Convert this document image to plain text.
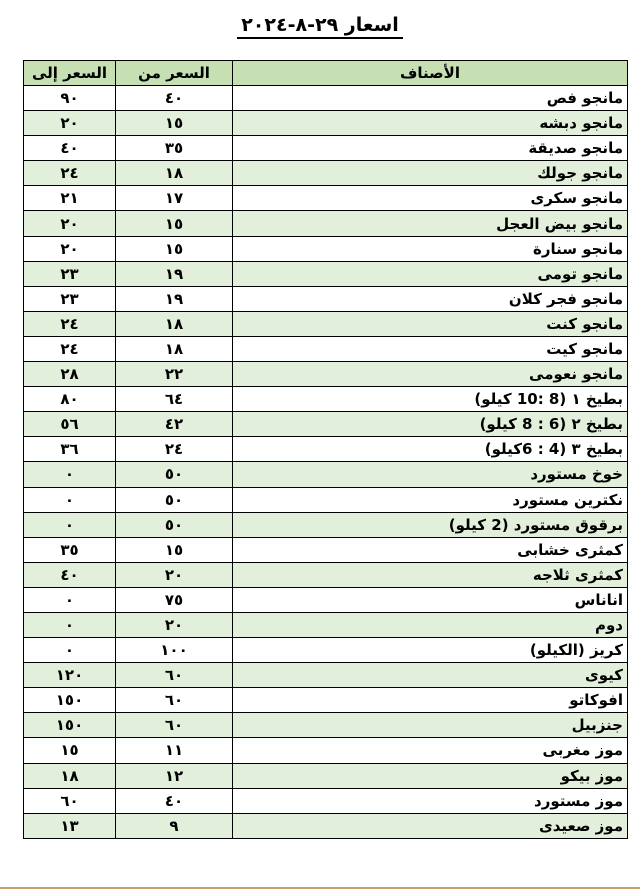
اسعار ٢٩-٨-٢٠٢٤
الأصناف	السعر من	السعر إلى
مانجو فص	٤٠	٩٠
مانجو دبشه	١٥	٢٠
مانجو صديقة	٣٥	٤٠
مانجو جولك	١٨	٢٤
مانجو سكرى	١٧	٢١
مانجو بيض العجل	١٥	٢٠
مانجو سنارة	١٥	٢٠
مانجو تومى	١٩	٢٣
مانجو فجر كلان	١٩	٢٣
مانجو كنت	١٨	٢٤
مانجو كيت	١٨	٢٤
مانجو نعومى	٢٢	٢٨
بطيخ ١ (8 :10 كيلو)	٦٤	٨٠
بطيخ ٢ (6 : 8 كيلو)	٤٢	٥٦
بطيخ ٣ (4 : 6كيلو)	٢٤	٣٦
خوخ مستورد	٥٠	٠
نكترين مستورد	٥٠	٠
برقوق مستورد (2 كيلو)	٥٠	٠
كمثرى خشابى	١٥	٣٥
كمثرى ثلاجه	٢٠	٤٠
اناناس	٧٥	٠
دوم	٢٠	٠
كريز (الكيلو)	١٠٠	٠
كيوى	٦٠	١٢٠
افوكاتو	٦٠	١٥٠
جنزبيل	٦٠	١٥٠
موز مغربى	١١	١٥
موز بيكو	١٢	١٨
موز مستورد	٤٠	٦٠
موز صعيدى	٩	١٣
